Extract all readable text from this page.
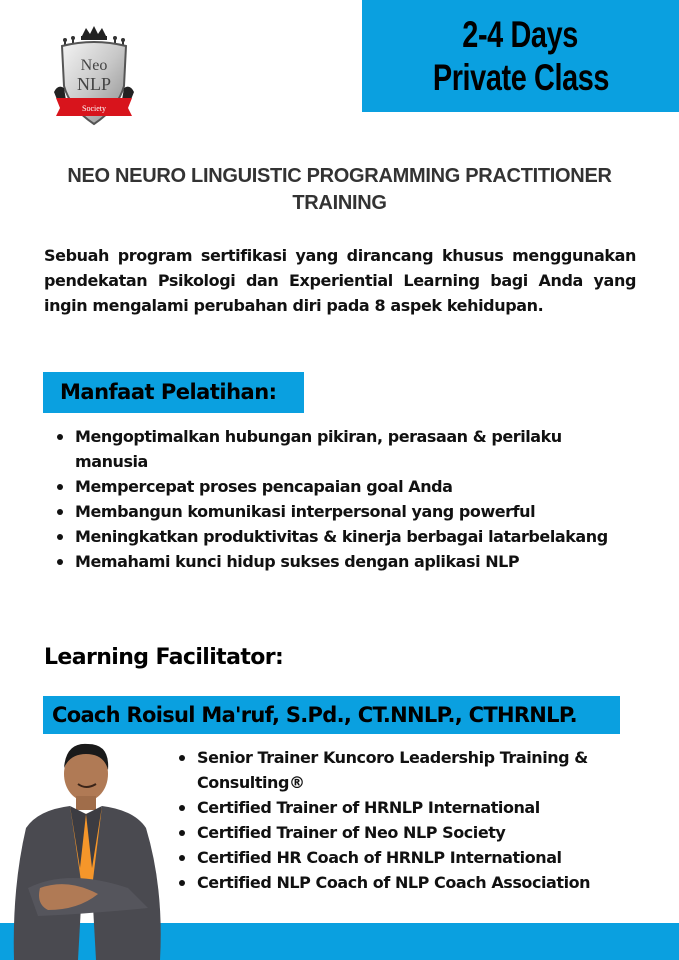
Neo
NLP
Society
2-4 Days
Private Class
NEO NEURO LINGUISTIC PROGRAMMING PRACTITIONER
TRAINING

Sebuah program sertifikasi yang dirancang khusus menggunakan pendekatan Psikologi dan Experiential Learning bagi Anda yang ingin mengalami perubahan diri pada 8 aspek kehidupan.

Manfaat Pelatihan:
Mengoptimalkan hubungan pikiran, perasaan & perilaku manusia
Mempercepat proses pencapaian goal Anda
Membangun komunikasi interpersonal yang powerful
Meningkatkan produktivitas & kinerja berbagai latarbelakang
Memahami kunci hidup sukses dengan aplikasi NLP
Learning Facilitator:
Coach Roisul Ma'ruf, S.Pd., CT.NNLP., CTHRNLP.
Senior Trainer Kuncoro Leadership Training & Consulting®
Certified Trainer of HRNLP International
Certified Trainer of Neo NLP Society
Certified HR Coach of HRNLP International
Certified NLP Coach of NLP Coach Association
